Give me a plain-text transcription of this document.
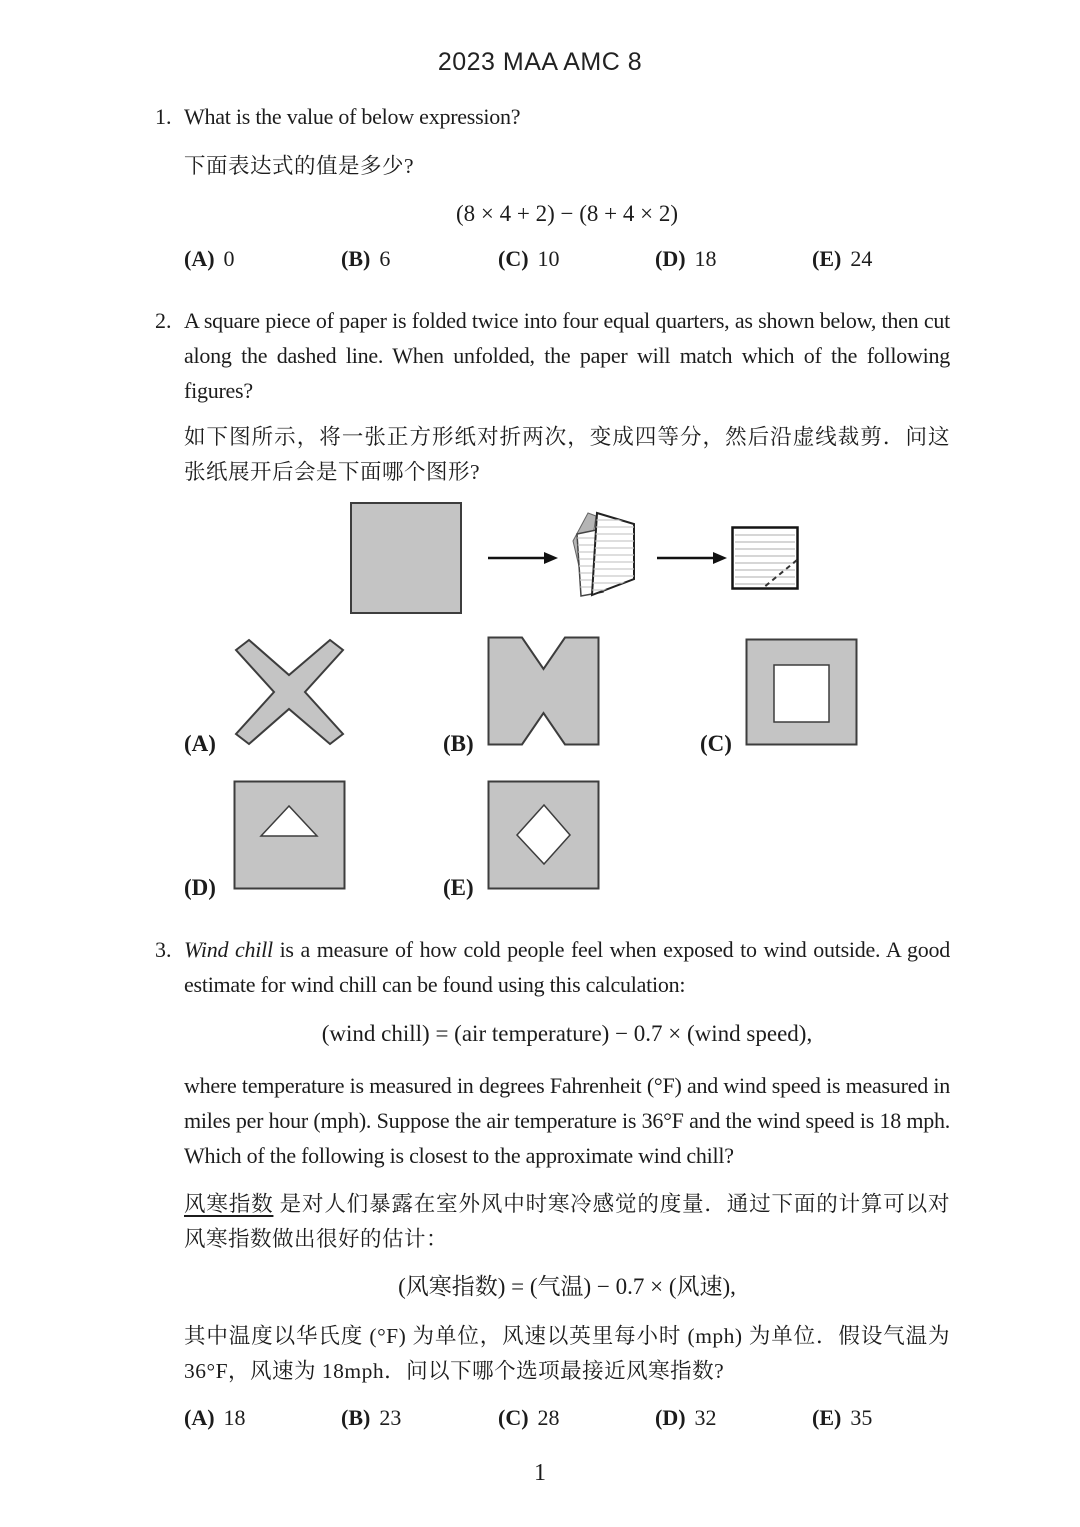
2023 MAA AMC 8
1. What is the value of below expression?
下面表达式的值是多少?
(8 × 4 + 2) − (8 + 4 × 2)
(A) 0	(B) 6	(C) 10	(D) 18	(E) 24
2. A square piece of paper is folded twice into four equal quarters, as shown below, then cut along the dashed line. When unfolded, the paper will match which of the following figures?
如下图所示，将一张正方形纸对折两次，变成四等分，然后沿虚线裁剪．问这张纸展开后会是下面哪个图形?
(A)	(B)	(C)
(D)	(E)
3. Wind chill is a measure of how cold people feel when exposed to wind outside. A good estimate for wind chill can be found using this calculation:
(wind chill) = (air temperature) − 0.7 × (wind speed),
where temperature is measured in degrees Fahrenheit (°F) and wind speed is measured in miles per hour (mph). Suppose the air temperature is 36°F and the wind speed is 18 mph. Which of the following is closest to the approximate wind chill?
风寒指数 是对人们暴露在室外风中时寒冷感觉的度量．通过下面的计算可以对风寒指数做出很好的估计：
(风寒指数) = (气温) − 0.7 × (风速),
其中温度以华氏度 (°F) 为单位，风速以英里每小时 (mph) 为单位．假设气温为 36°F，风速为 18mph．问以下哪个选项最接近风寒指数?
(A) 18	(B) 23	(C) 28	(D) 32	(E) 35
1
